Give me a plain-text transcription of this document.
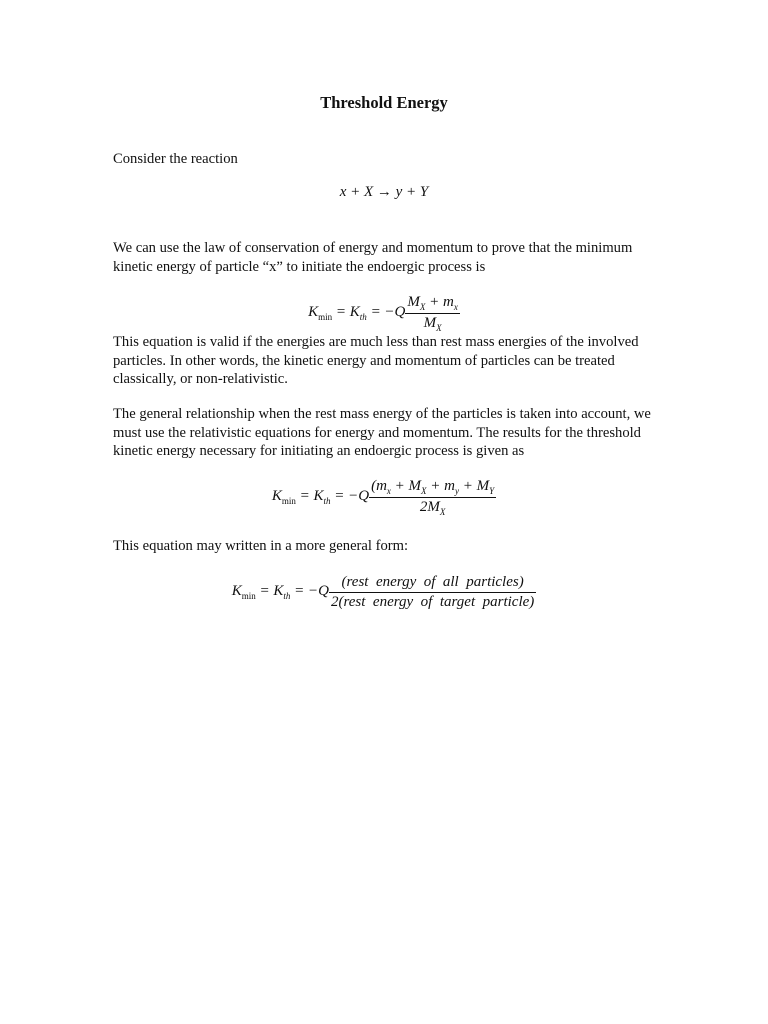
Threshold Energy

Consider the reaction

x + X → y + Y

We can use the law of conservation of energy and momentum to prove that the minimum kinetic energy of particle “x” to initiate the endoergic process is

$K_{min} = K_{th} = -Q \frac{M_X + m_x}{M_X}$

This equation is valid if the energies are much less than rest mass energies of the involved particles. In other words, the kinetic energy and momentum of particles can be treated classically, or non-relativistic.

The general relationship when the rest mass energy of the particles is taken into account, we must use the relativistic equations for energy and momentum. The results for the threshold kinetic energy necessary for initiating an endoergic process is given as

$K_{min} = K_{th} = -Q \frac{(m_x + M_X + m_y + M_Y}{2M_X}$

This equation may written in a more general form:

$K_{min} = K_{th} = -Q \frac{\text{(rest  energy  of  all  particles)}}{\text{2(rest  energy  of  target  particle)}}$
